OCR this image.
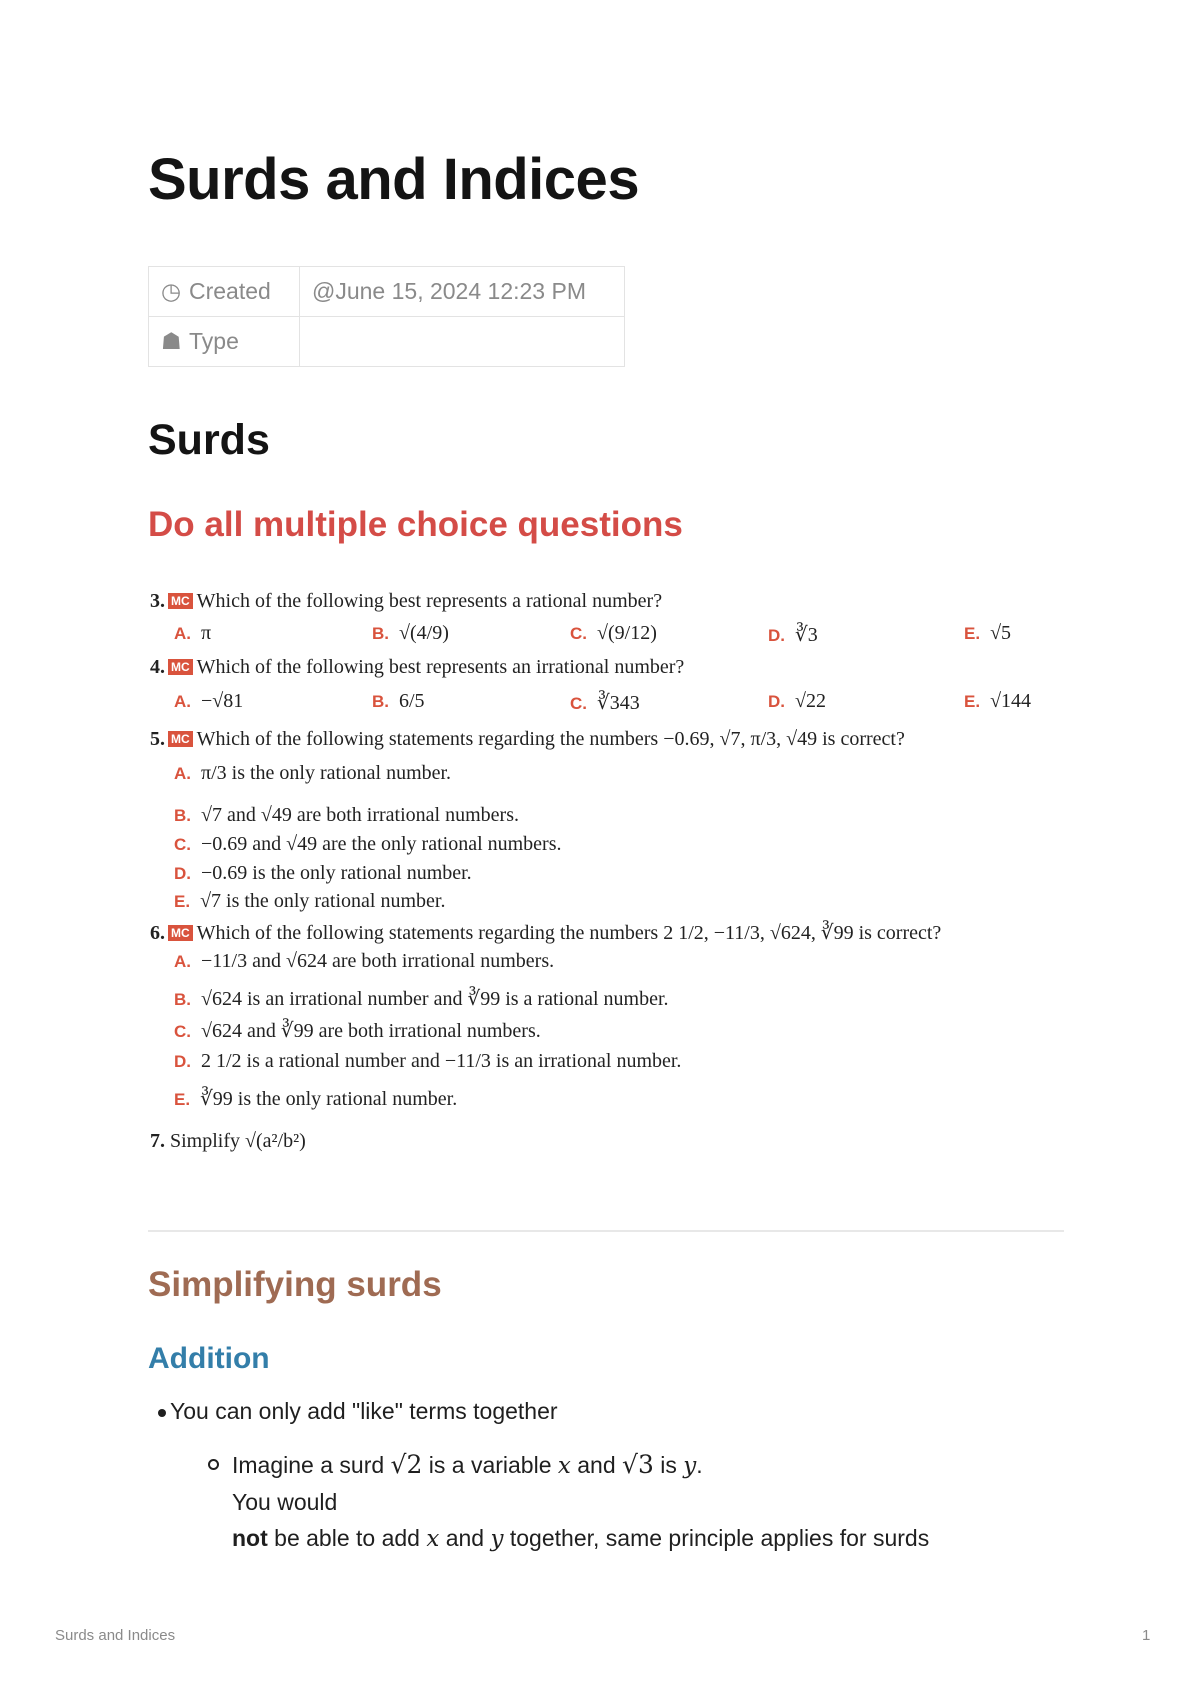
Surds and Indices
◷ Created	@June 15, 2024 12:23 PM
☗ Type	
Surds
Do all multiple choice questions
3. MC Which of the following best represents a rational number?
A. π	B. √(4/9)	C. √(9/12)	D. ∛3	E. √5
4. MC Which of the following best represents an irrational number?
A. −√81	B. 6/5	C. ∛343	D. √22	E. √144
5. MC Which of the following statements regarding the numbers −0.69, √7, π/3, √49 is correct?
A. π/3 is the only rational number.
B. √7 and √49 are both irrational numbers.
C. −0.69 and √49 are the only rational numbers.
D. −0.69 is the only rational number.
E. √7 is the only rational number.
6. MC Which of the following statements regarding the numbers 2 1/2, −11/3, √624, ∛99 is correct?
A. −11/3 and √624 are both irrational numbers.
B. √624 is an irrational number and ∛99 is a rational number.
C. √624 and ∛99 are both irrational numbers.
D. 2 1/2 is a rational number and −11/3 is an irrational number.
E. ∛99 is the only rational number.
7. Simplify √(a²/b²)
Simplifying surds
Addition
You can only add "like" terms together
Imagine a surd √2 is a variable x and √3 is y.
You would
not be able to add x and y together, same principle applies for surds
Surds and Indices	1
